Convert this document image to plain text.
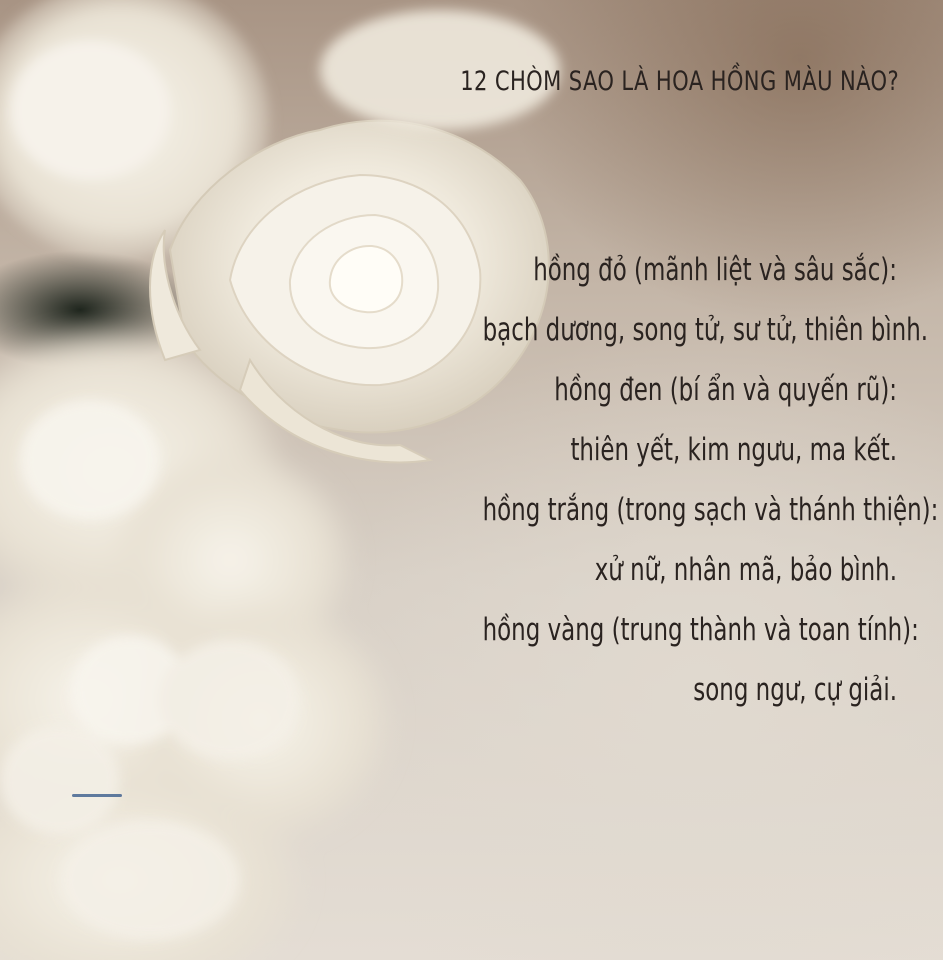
12 CHÒM SAO LÀ HOA HỒNG MÀU NÀO?
hồng đỏ (mãnh liệt và sâu sắc):
bạch dương, song tử, sư tử, thiên bình.
hồng đen (bí ẩn và quyến rũ):
thiên yết, kim ngưu, ma kết.
hồng trắng (trong sạch và thánh thiện):
xử nữ, nhân mã, bảo bình.
hồng vàng (trung thành và toan tính):
song ngư, cự giải.
